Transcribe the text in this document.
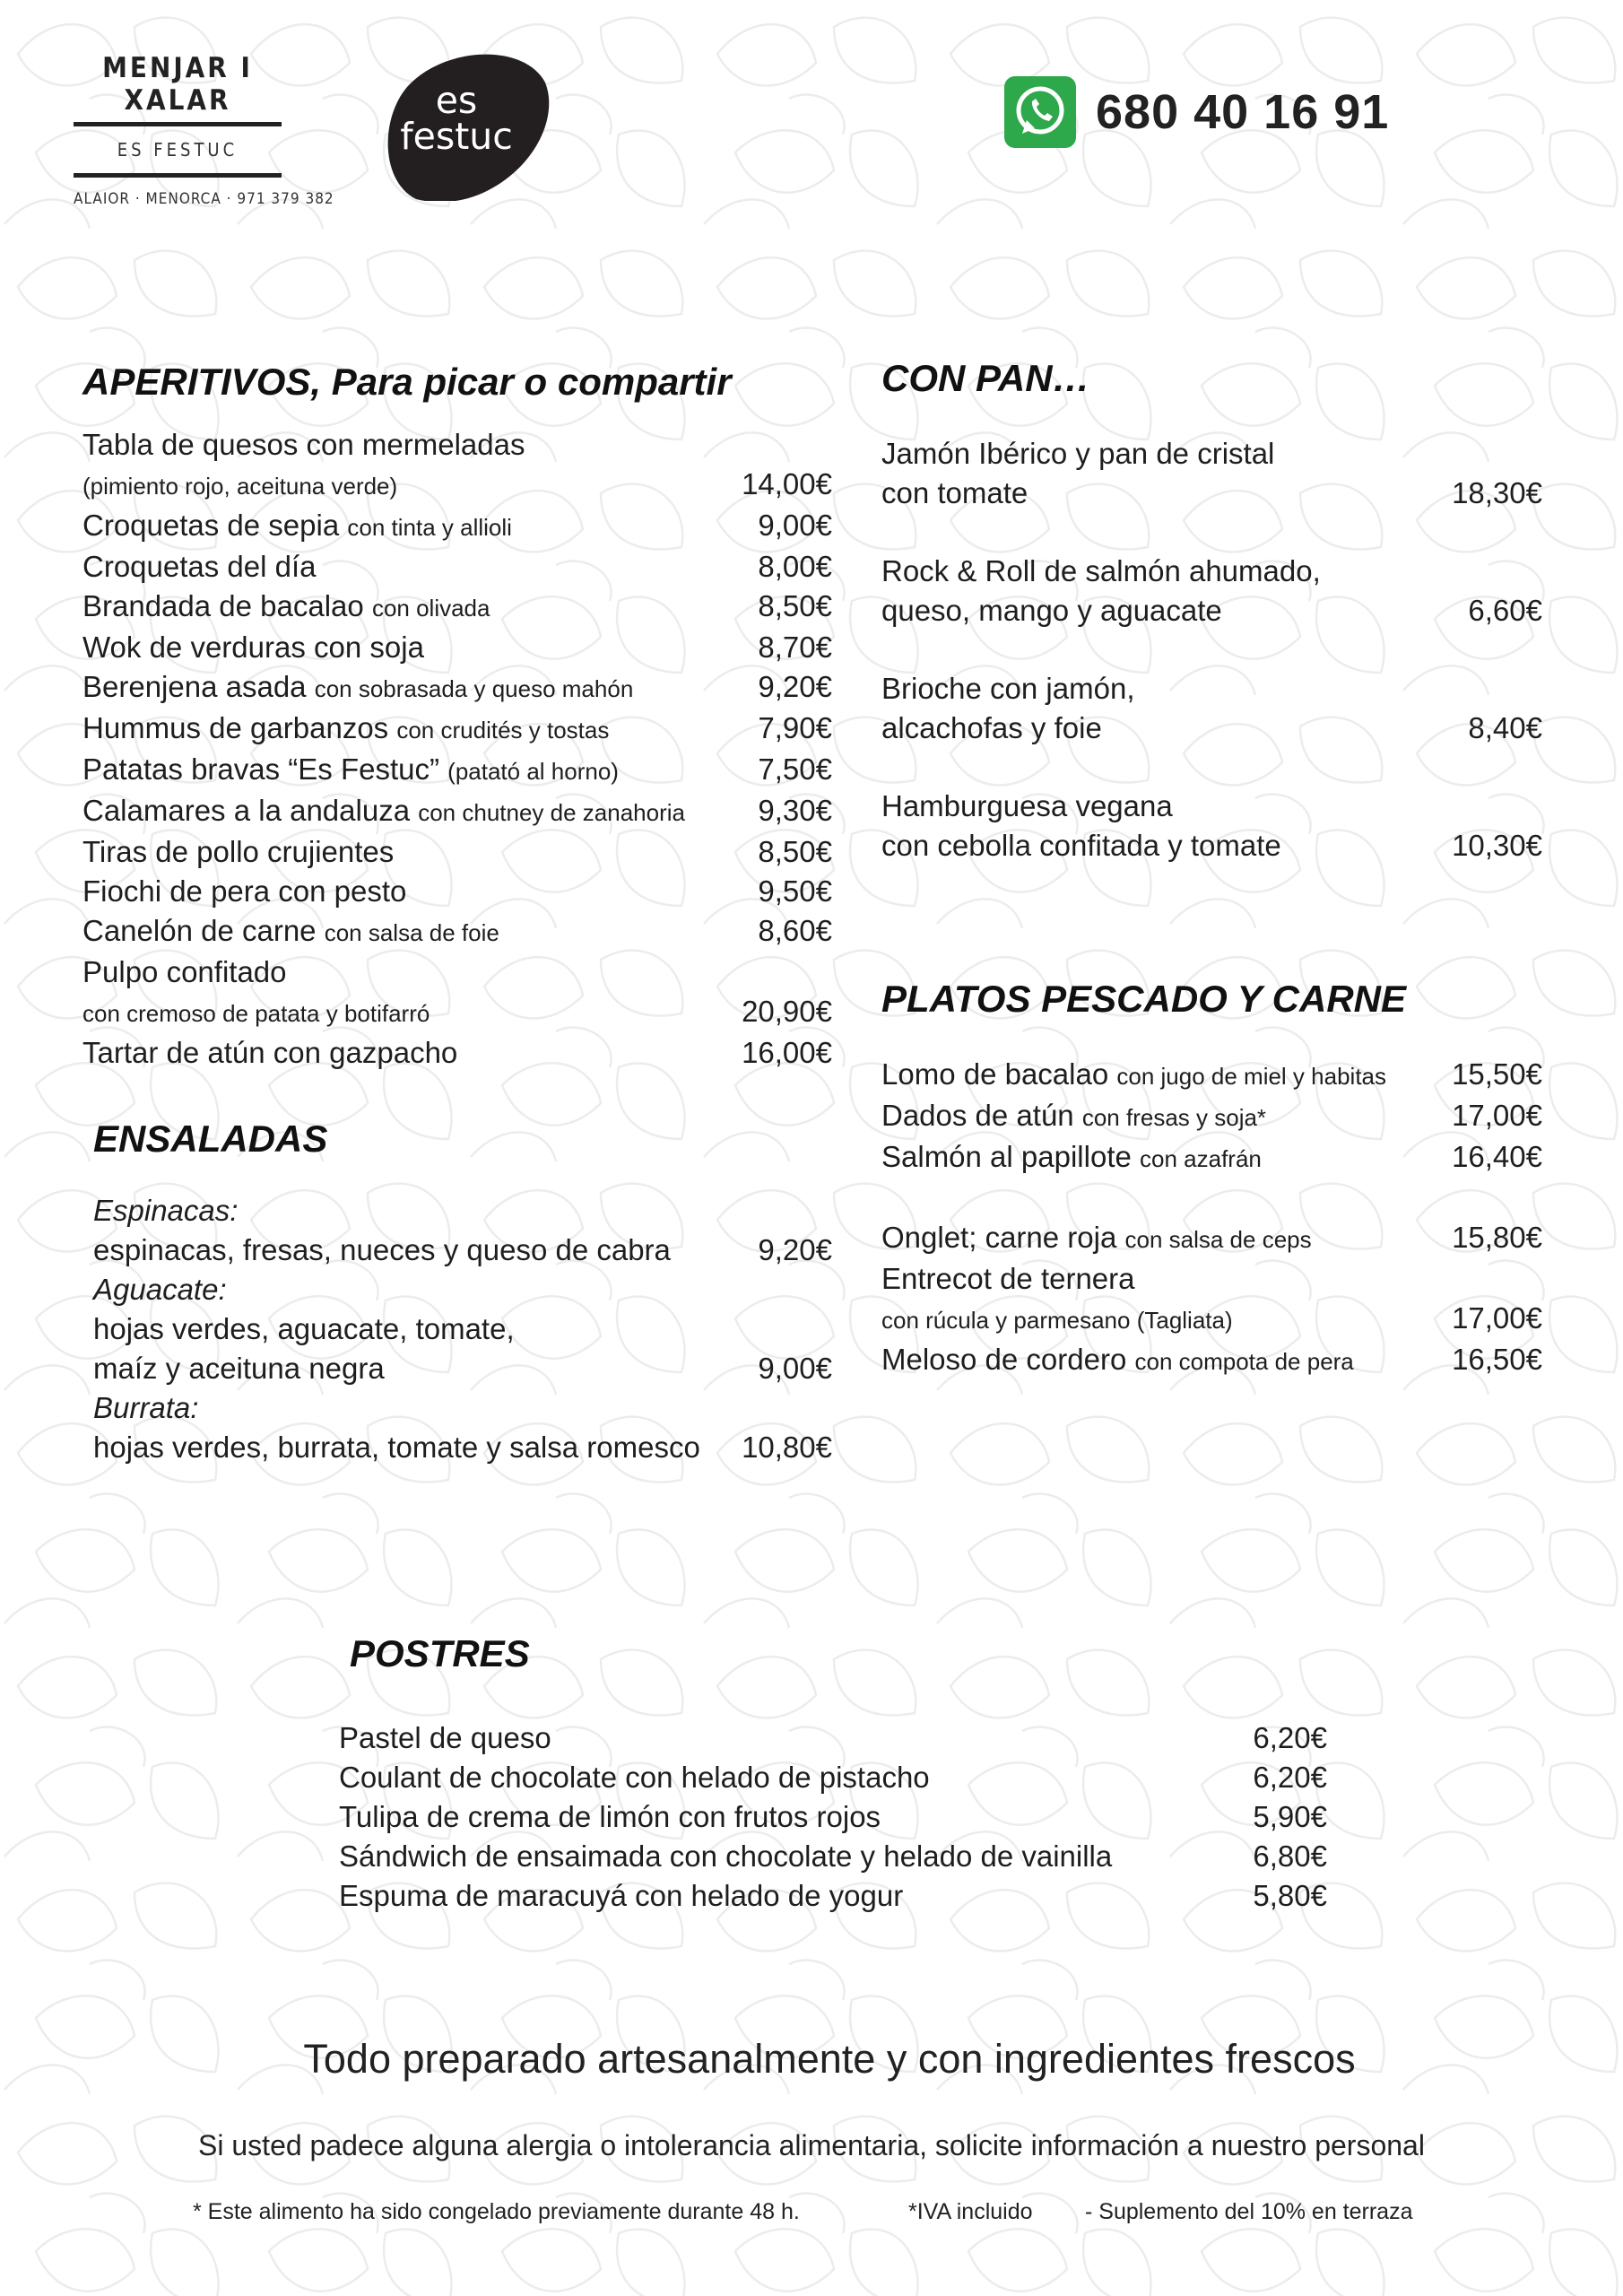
MENJAR I XALAR
ES FESTUC
ALAIOR · MENORCA · 971 379 382
es
festuc	680 40 16 91
APERITIVOS, Para picar o compartir
Tabla de quesos con mermeladas
(pimiento rojo, aceituna verde)	14,00€
Croquetas de sepia con tinta y allioli	9,00€
Croquetas del día	8,00€
Brandada de bacalao con olivada	8,50€
Wok de verduras con soja	8,70€
Berenjena asada con sobrasada y queso mahón	9,20€
Hummus de garbanzos con crudités y tostas	7,90€
Patatas bravas “Es Festuc” (patató al horno)	7,50€
Calamares a la andaluza con chutney de zanahoria 9,30€
Tiras de pollo crujientes	8,50€
Fiochi de pera con pesto	9,50€
Canelón de carne con salsa de foie	8,60€
Pulpo confitado
con cremoso de patata y botifarró	20,90€
Tartar de atún con gazpacho	16,00€
ENSALADAS
Espinacas:
espinacas, fresas, nueces y queso de cabra	9,20€
Aguacate:
hojas verdes, aguacate, tomate,
maíz y aceituna negra	9,00€
Burrata:
hojas verdes, burrata, tomate y salsa romesco 10,80€
CON PAN…
Jamón Ibérico y pan de cristal
con tomate	18,30€
Rock & Roll de salmón ahumado,
queso, mango y aguacate	6,60€
Brioche con jamón,
alcachofas y foie	8,40€
Hamburguesa vegana
con cebolla confitada y tomate	10,30€
PLATOS PESCADO Y CARNE
Lomo de bacalao con jugo de miel y habitas 15,50€
Dados de atún con fresas y soja*	17,00€
Salmón al papillote con azafrán	16,40€
Onglet; carne roja con salsa de ceps	15,80€
Entrecot de ternera
con rúcula y parmesano (Tagliata)	17,00€
Meloso de cordero con compota de pera	16,50€
POSTRES
Pastel de queso	6,20€
Coulant de chocolate con helado de pistacho	6,20€
Tulipa de crema de limón con frutos rojos	5,90€
Sándwich de ensaimada con chocolate y helado de vainilla	6,80€
Espuma de maracuyá con helado de yogur	5,80€
Todo preparado artesanalmente y con ingredientes frescos
Si usted padece alguna alergia o intolerancia alimentaria, solicite información a nuestro personal
* Este alimento ha sido congelado previamente durante 48 h.	*IVA incluido - Suplemento del 10% en terraza
